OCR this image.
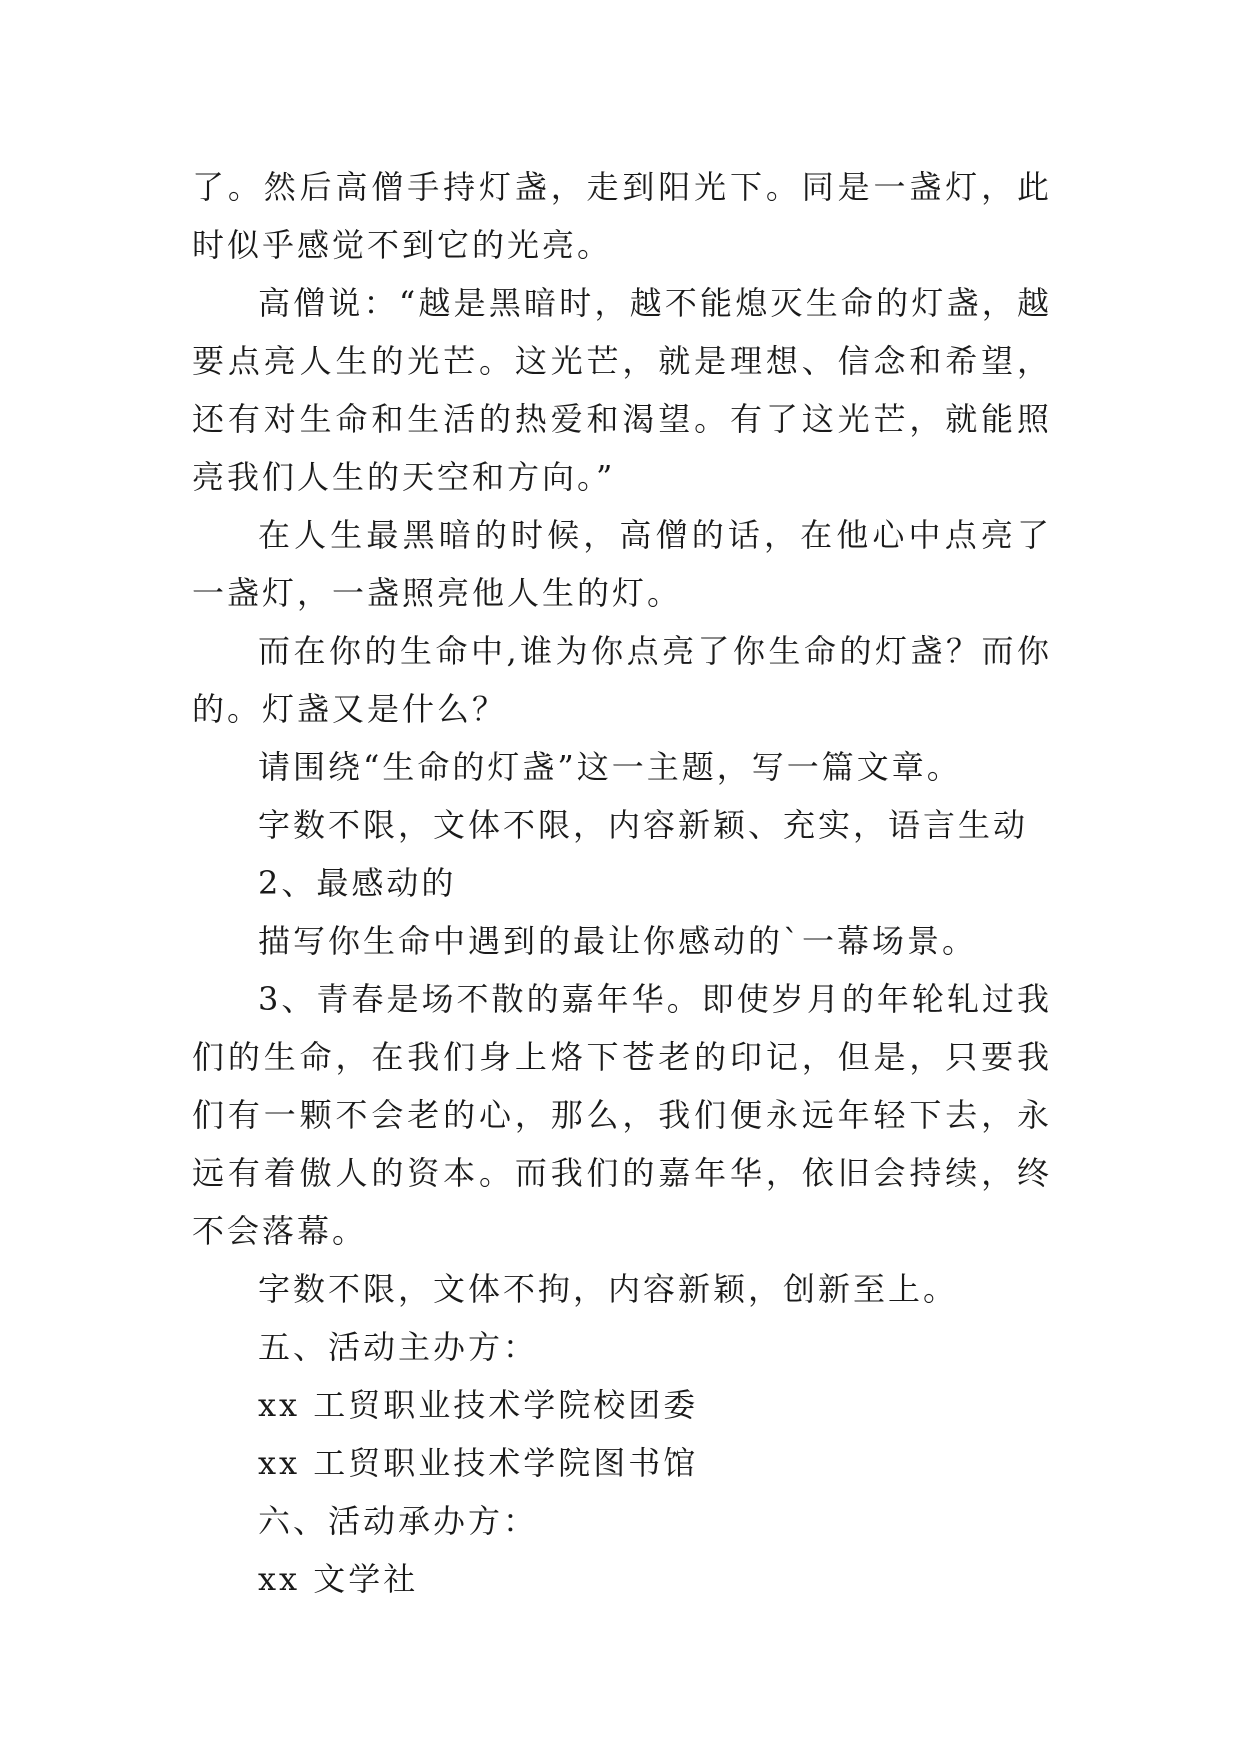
了。然后高僧手持灯盏，走到阳光下。同是一盏灯，此时似乎感觉不到它的光亮。

高僧说：“越是黑暗时，越不能熄灭生命的灯盏，越要点亮人生的光芒。这光芒，就是理想、信念和希望，还有对生命和生活的热爱和渴望。有了这光芒，就能照亮我们人生的天空和方向。”

在人生最黑暗的时候，高僧的话，在他心中点亮了一盏灯，一盏照亮他人生的灯。

而在你的生命中,谁为你点亮了你生命的灯盏？而你的。灯盏又是什么？

请围绕“生命的灯盏”这一主题，写一篇文章。

字数不限，文体不限，内容新颖、充实，语言生动

2、最感动的

描写你生命中遇到的最让你感动的`一幕场景。

3、青春是场不散的嘉年华。即使岁月的年轮轧过我们的生命，在我们身上烙下苍老的印记，但是，只要我们有一颗不会老的心，那么，我们便永远年轻下去，永远有着傲人的资本。而我们的嘉年华，依旧会持续，终不会落幕。

字数不限，文体不拘，内容新颖，创新至上。

五、活动主办方：

xx 工贸职业技术学院校团委

xx 工贸职业技术学院图书馆

六、活动承办方：

xx 文学社
